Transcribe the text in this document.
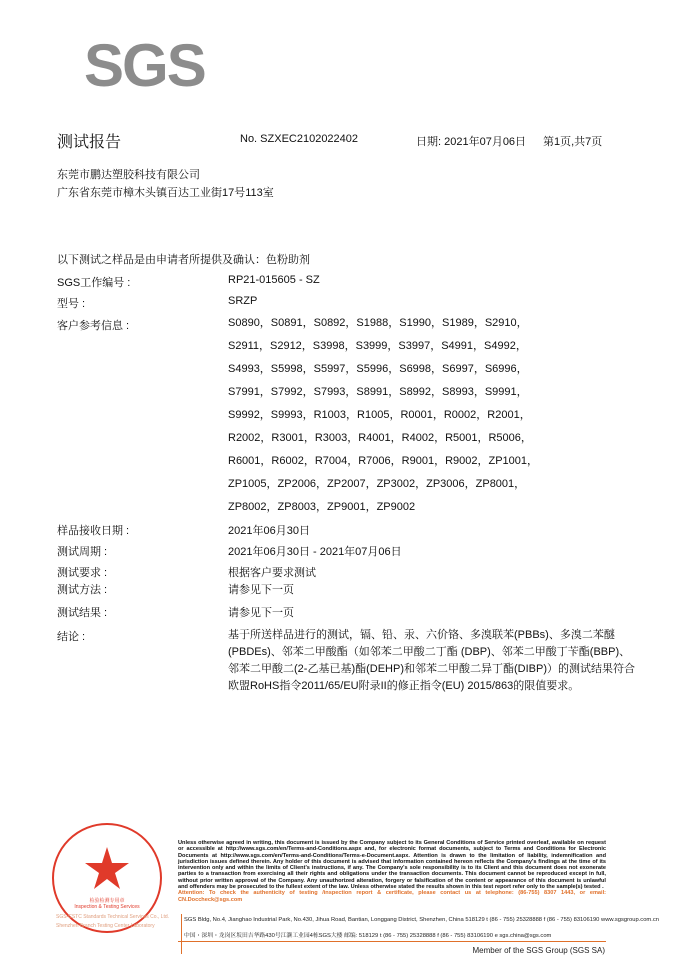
SGS
测试报告	No. SZXEC2102022402	日期: 2021年07月06日 第1页,共7页
东莞市鹏达塑胶科技有限公司
广东省东莞市樟木头镇百达工业街17号113室
以下测试之样品是由申请者所提供及确认：色粉助剂
SGS工作编号 :	RP21-015605 - SZ
型号 :	SRZP
客户参考信息 :	S0890，S0891，S0892，S1988，S1990，S1989，S2910，
S2911，S2912，S3998，S3999，S3997，S4991，S4992，
S4993，S5998，S5997，S5996，S6998，S6997，S6996，
S7991，S7992，S7993，S8991，S8992，S8993，S9991，
S9992，S9993，R1003，R1005，R0001，R0002，R2001，
R2002，R3001，R3003，R4001，R4002，R5001，R5006，
R6001，R6002，R7004，R7006，R9001，R9002，ZP1001，
ZP1005，ZP2006，ZP2007，ZP3002，ZP3006，ZP8001，
ZP8002，ZP8003，ZP9001，ZP9002
样品接收日期 :	2021年06月30日
测试周期 :	2021年06月30日 - 2021年07月06日
测试要求 :	根据客户要求测试
测试方法 :	请参见下一页
测试结果 :	请参见下一页
结论 :	基于所送样品进行的测试，镉、铅、汞、六价铬、多溴联苯(PBBs)、多溴二苯醚(PBDEs)、邻苯二甲酸酯（如邻苯二甲酸二丁酯 (DBP)、邻苯二甲酸丁苄酯(BBP)、邻苯二甲酸二(2-乙基已基)酯(DEHP)和邻苯二甲酸二异丁酯(DIBP)）的测试结果符合欧盟RoHS指令2011/65/EU附录II的修正指令(EU) 2015/863的限值要求。
检验检测专用章
Inspection & Testing Services
SGS-CSTC Standards Technical Services Co., Ltd. Shenzhen Branch Testing Center Laboratory
Unless otherwise agreed in writing, this document is issued by the Company subject to its General Conditions of Service printed overleaf, available on request or accessible at http://www.sgs.com/en/Terms-and-Conditions.aspx and, for electronic format documents, subject to Terms and Conditions for Electronic Documents at http://www.sgs.com/en/Terms-and-Conditions/Terms-e-Document.aspx. Attention is drawn to the limitation of liability, indemnification and jurisdiction issues defined therein. Any holder of this document is advised that information contained hereon reflects the Company's findings at the time of its intervention only and within the limits of Client's instructions, if any. The Company's sole responsibility is to its Client and this document does not exonerate parties to a transaction from exercising all their rights and obligations under the transaction documents. This document cannot be reproduced except in full, without prior written approval of the Company. Any unauthorized alteration, forgery or falsification of the content or appearance of this document is unlawful and offenders may be prosecuted to the fullest extent of the law. Unless otherwise stated the results shown in this test report refer only to the sample(s) tested .
Attention: To check the authenticity of testing /inspection report & certificate, please contact us at telephone: (86-755) 8307 1443, or email: CN.Doccheck@sgs.com
SGS Bldg, No.4, Jianghao Industrial Park, No.430, Jihua Road, Bantian, Longgang District, Shenzhen, China 518129 t (86 - 755) 25328888 f (86 - 755) 83106190 www.sgsgroup.com.cn
中国・深圳・龙岗区坂田吉华路430号江灏工业园4栋SGS大楼 邮编: 518129 t (86 - 755) 25328888 f (86 - 755) 83106190 e sgs.china@sgs.com
Member of the SGS Group (SGS SA)
